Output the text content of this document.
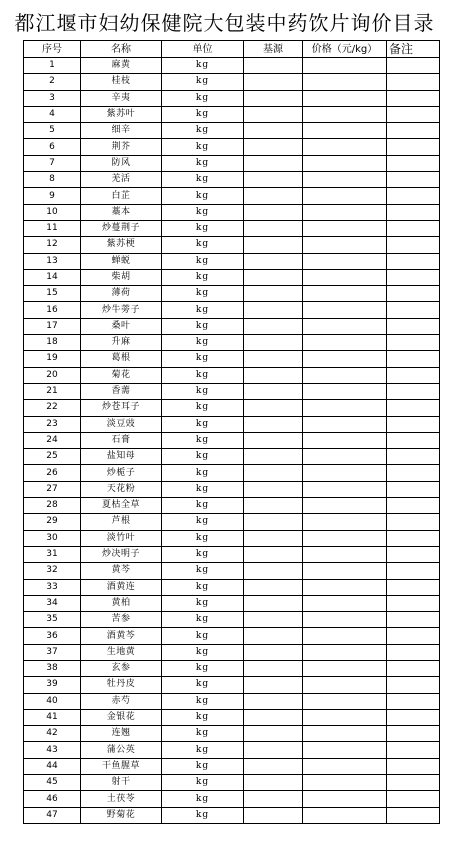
都江堰市妇幼保健院大包装中药饮片询价目录
序号	名称	单位	基源	价格（元/kg）	备注
1	麻黄	kg			
2	桂枝	kg			
3	辛夷	kg			
4	紫苏叶	kg			
5	细辛	kg			
6	荆芥	kg			
7	防风	kg			
8	羌活	kg			
9	白芷	kg			
10	藁本	kg			
11	炒蔓荆子	kg			
12	紫苏梗	kg			
13	蝉蜕	kg			
14	柴胡	kg			
15	薄荷	kg			
16	炒牛蒡子	kg			
17	桑叶	kg			
18	升麻	kg			
19	葛根	kg			
20	菊花	kg			
21	香薷	kg			
22	炒苍耳子	kg			
23	淡豆豉	kg			
24	石膏	kg			
25	盐知母	kg			
26	炒栀子	kg			
27	天花粉	kg			
28	夏枯全草	kg			
29	芦根	kg			
30	淡竹叶	kg			
31	炒决明子	kg			
32	黄芩	kg			
33	酒黄连	kg			
34	黄柏	kg			
35	苦参	kg			
36	酒黄芩	kg			
37	生地黄	kg			
38	玄参	kg			
39	牡丹皮	kg			
40	赤芍	kg			
41	金银花	kg			
42	连翘	kg			
43	蒲公英	kg			
44	干鱼腥草	kg			
45	射干	kg			
46	土茯苓	kg			
47	野菊花	kg			
